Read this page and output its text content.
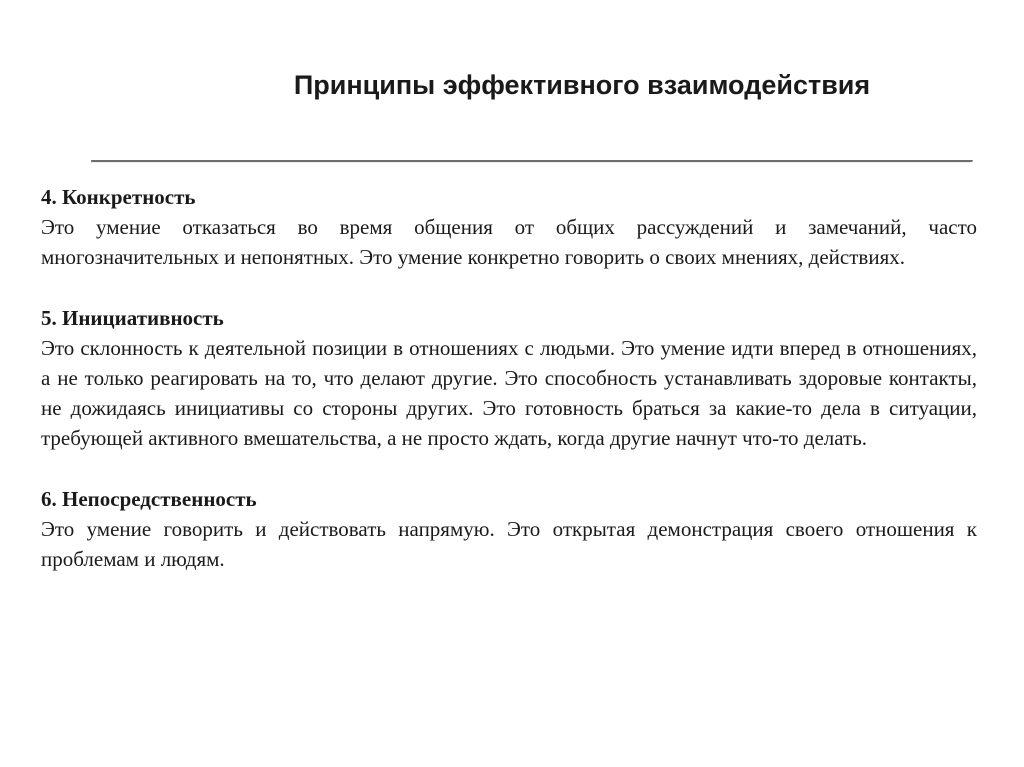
Принципы эффективного взаимодействия

4. Конкретность

Это умение отказаться во время общения от общих рассуждений и замечаний, часто многозначительных и непонятных. Это умение конкретно говорить о своих мнениях, действиях.

5. Инициативность

Это склонность к деятельной позиции в отношениях с людьми. Это умение идти вперед в отношениях, а не только реагировать на то, что делают другие. Это способность устанавливать здоровые контакты, не дожидаясь инициативы со стороны других. Это готовность браться за какие-то дела в ситуации, требующей активного вмешательства, а не просто ждать, когда другие начнут что-то делать.

6. Непосредственность

Это умение говорить и действовать напрямую. Это открытая демонстрация своего отношения к проблемам и людям.
